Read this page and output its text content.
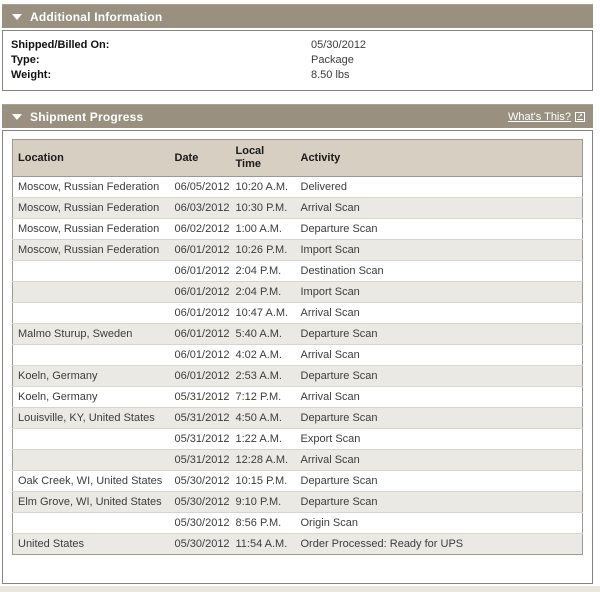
Additional Information
Shipped/Billed On:	05/30/2012
Type:	Package
Weight:	8.50 lbs
Shipment Progress	What's This? ↗
Location	Date	Local Time	Activity
Moscow, Russian Federation	06/05/2012	10:20 A.M.	Delivered
Moscow, Russian Federation	06/03/2012	10:30 P.M.	Arrival Scan
Moscow, Russian Federation	06/02/2012	1:00 A.M.	Departure Scan
Moscow, Russian Federation	06/01/2012	10:26 P.M.	Import Scan
	06/01/2012	2:04 P.M.	Destination Scan
	06/01/2012	2:04 P.M.	Import Scan
	06/01/2012	10:47 A.M.	Arrival Scan
Malmo Sturup, Sweden	06/01/2012	5:40 A.M.	Departure Scan
	06/01/2012	4:02 A.M.	Arrival Scan
Koeln, Germany	06/01/2012	2:53 A.M.	Departure Scan
Koeln, Germany	05/31/2012	7:12 P.M.	Arrival Scan
Louisville, KY, United States	05/31/2012	4:50 A.M.	Departure Scan
	05/31/2012	1:22 A.M.	Export Scan
	05/31/2012	12:28 A.M.	Arrival Scan
Oak Creek, WI, United States	05/30/2012	10:15 P.M.	Departure Scan
Elm Grove, WI, United States	05/30/2012	9:10 P.M.	Departure Scan
	05/30/2012	8:56 P.M.	Origin Scan
United States	05/30/2012	11:54 A.M.	Order Processed: Ready for UPS
